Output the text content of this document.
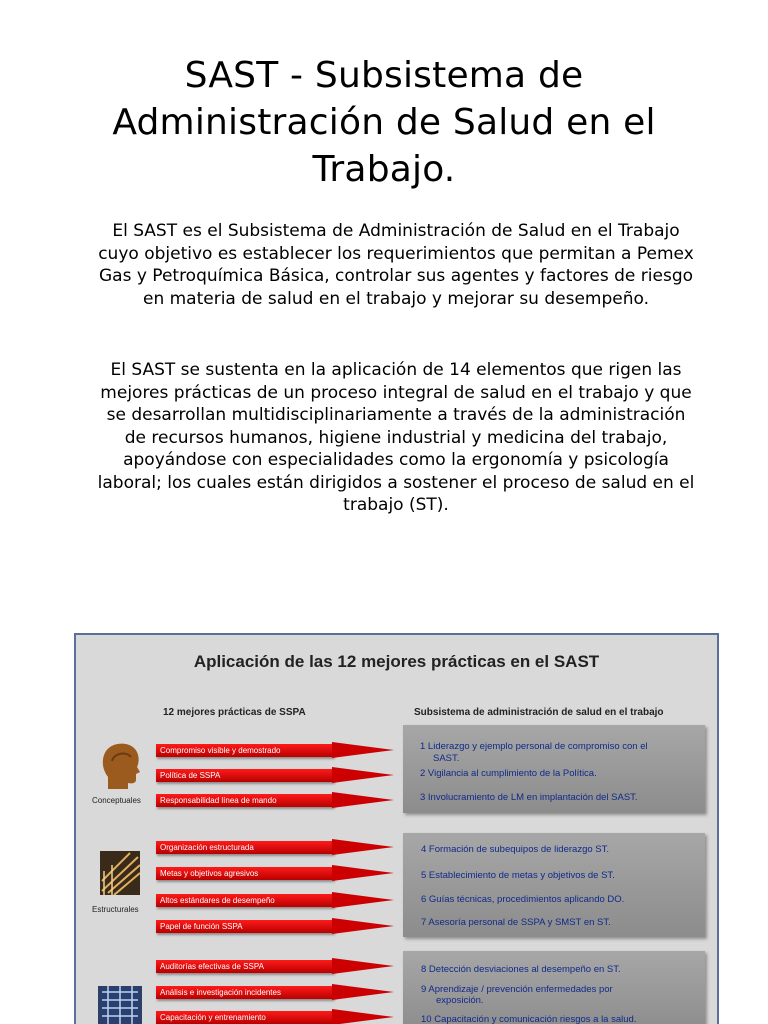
SAST - Subsistema de Administración de Salud en el Trabajo.

El SAST es el Subsistema de Administración de Salud en el Trabajo cuyo objetivo es establecer los requerimientos que permitan a Pemex Gas y Petroquímica Básica, controlar sus agentes y factores de riesgo en materia de salud en el trabajo y mejorar su desempeño.

El SAST se sustenta en la aplicación de 14 elementos que rigen las mejores prácticas de un proceso integral de salud en el trabajo y que se desarrollan multidisciplinariamente a través de la administración de recursos humanos, higiene industrial y medicina del trabajo, apoyándose con especialidades como la ergonomía y psicología laboral; los cuales están dirigidos a sostener el proceso de salud en el trabajo (ST).

Aplicación de las 12 mejores prácticas en el SAST
12 mejores prácticas de SSPA	Subsistema de administración de salud en el trabajo
Conceptuales
Estructurales
Compromiso visible y demostrado
Política de SSPA
Responsabilidad línea de mando
Organización estructurada
Metas y objetivos agresivos
Altos estándares de desempeño
Papel de función SSPA
Auditorías efectivas de SSPA
Análisis e investigación incidentes
Capacitación y entrenamiento
1 Liderazgo y ejemplo personal de compromiso con el
SAST.
2 Vigilancia al cumplimiento de la Política.
3 Involucramiento de LM en implantación del SAST.
4 Formación de subequipos de liderazgo ST.
5 Establecimiento de metas y objetivos de ST.
6 Guías técnicas, procedimientos aplicando DO.
7 Asesoría personal de SSPA y SMST en ST.
8 Detección desviaciones al desempeño en ST.
9 Aprendizaje / prevención enfermedades por
exposición.
10 Capacitación y comunicación riesgos a la salud.
